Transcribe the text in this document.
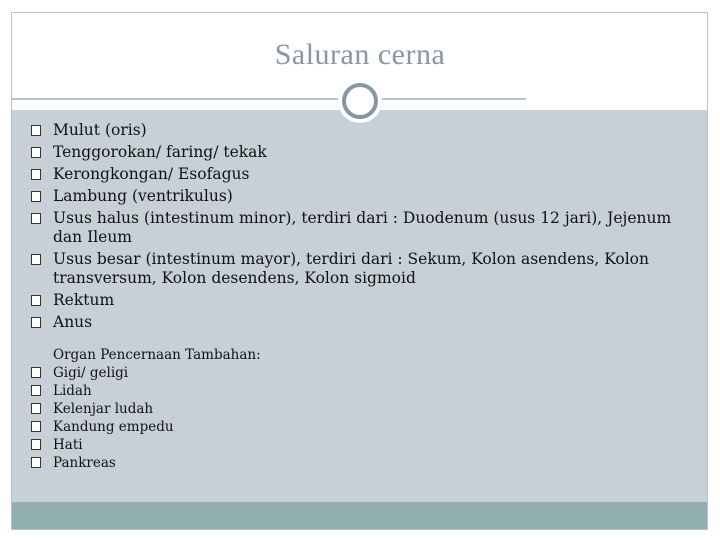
Saluran cerna
Mulut (oris)
Tenggorokan/ faring/ tekak
Kerongkongan/ Esofagus
Lambung (ventrikulus)
Usus halus (intestinum minor), terdiri dari : Duodenum (usus 12 jari), Jejenum dan Ileum
Usus besar (intestinum mayor), terdiri dari : Sekum, Kolon asendens, Kolon transversum, Kolon desendens, Kolon sigmoid
Rektum
Anus
Organ Pencernaan Tambahan:
Gigi/ geligi
Lidah
Kelenjar ludah
Kandung empedu
Hati
Pankreas
